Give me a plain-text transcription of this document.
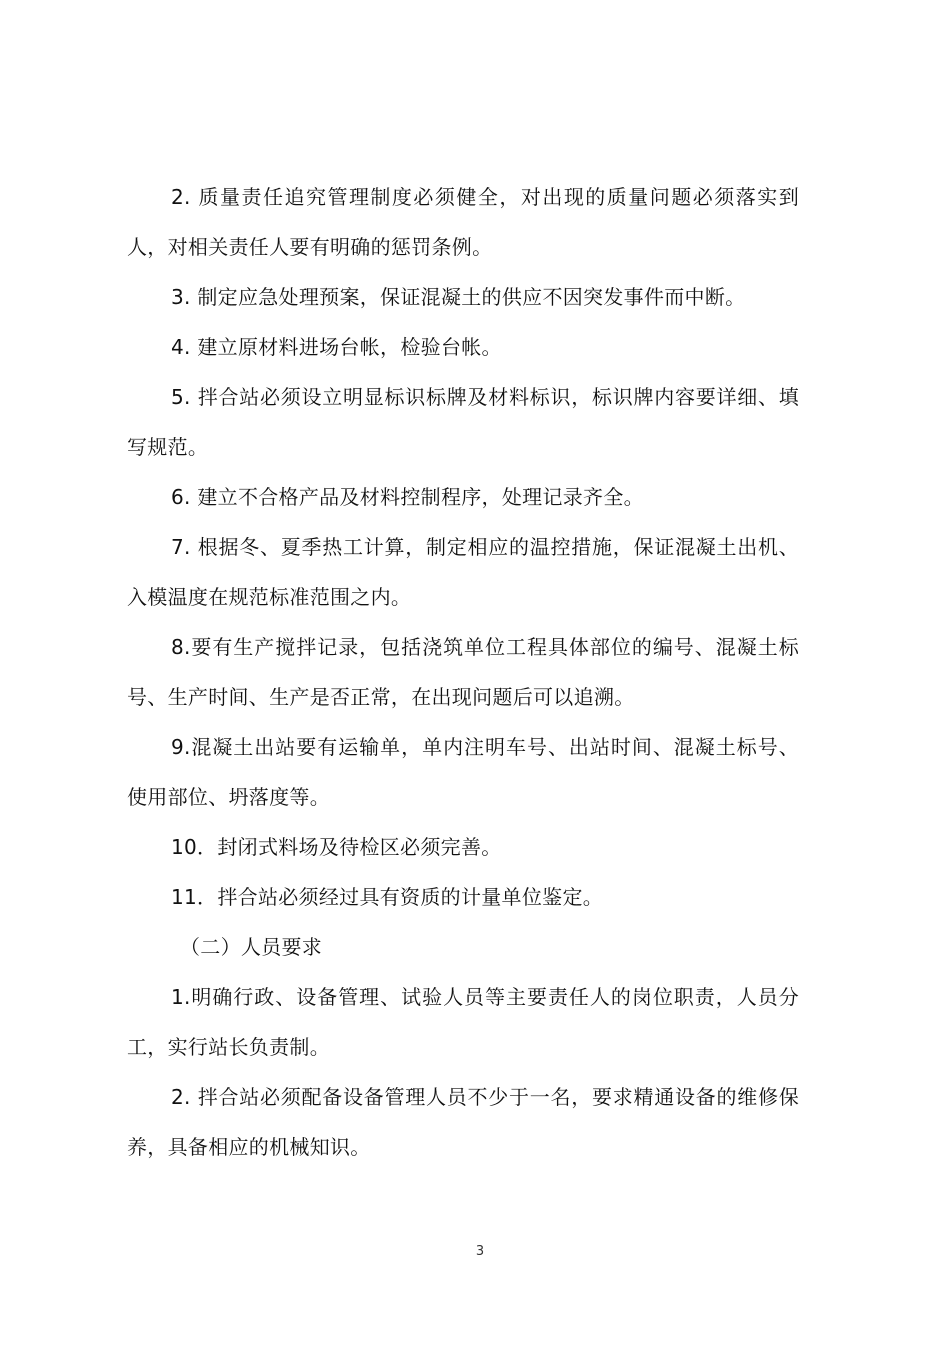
2. 质量责任追究管理制度必须健全，对出现的质量问题必须落实到人，对相关责任人要有明确的惩罚条例。

3. 制定应急处理预案，保证混凝土的供应不因突发事件而中断。

4. 建立原材料进场台帐，检验台帐。

5. 拌合站必须设立明显标识标牌及材料标识，标识牌内容要详细、填写规范。

6. 建立不合格产品及材料控制程序，处理记录齐全。

7. 根据冬、夏季热工计算，制定相应的温控措施，保证混凝土出机、入模温度在规范标准范围之内。

8.要有生产搅拌记录，包括浇筑单位工程具体部位的编号、混凝土标号、生产时间、生产是否正常，在出现问题后可以追溯。

9.混凝土出站要有运输单，单内注明车号、出站时间、混凝土标号、使用部位、坍落度等。

10．封闭式料场及待检区必须完善。

11．拌合站必须经过具有资质的计量单位鉴定。

（二）人员要求

1.明确行政、设备管理、试验人员等主要责任人的岗位职责，人员分工，实行站长负责制。

2. 拌合站必须配备设备管理人员不少于一名，要求精通设备的维修保养，具备相应的机械知识。

3
